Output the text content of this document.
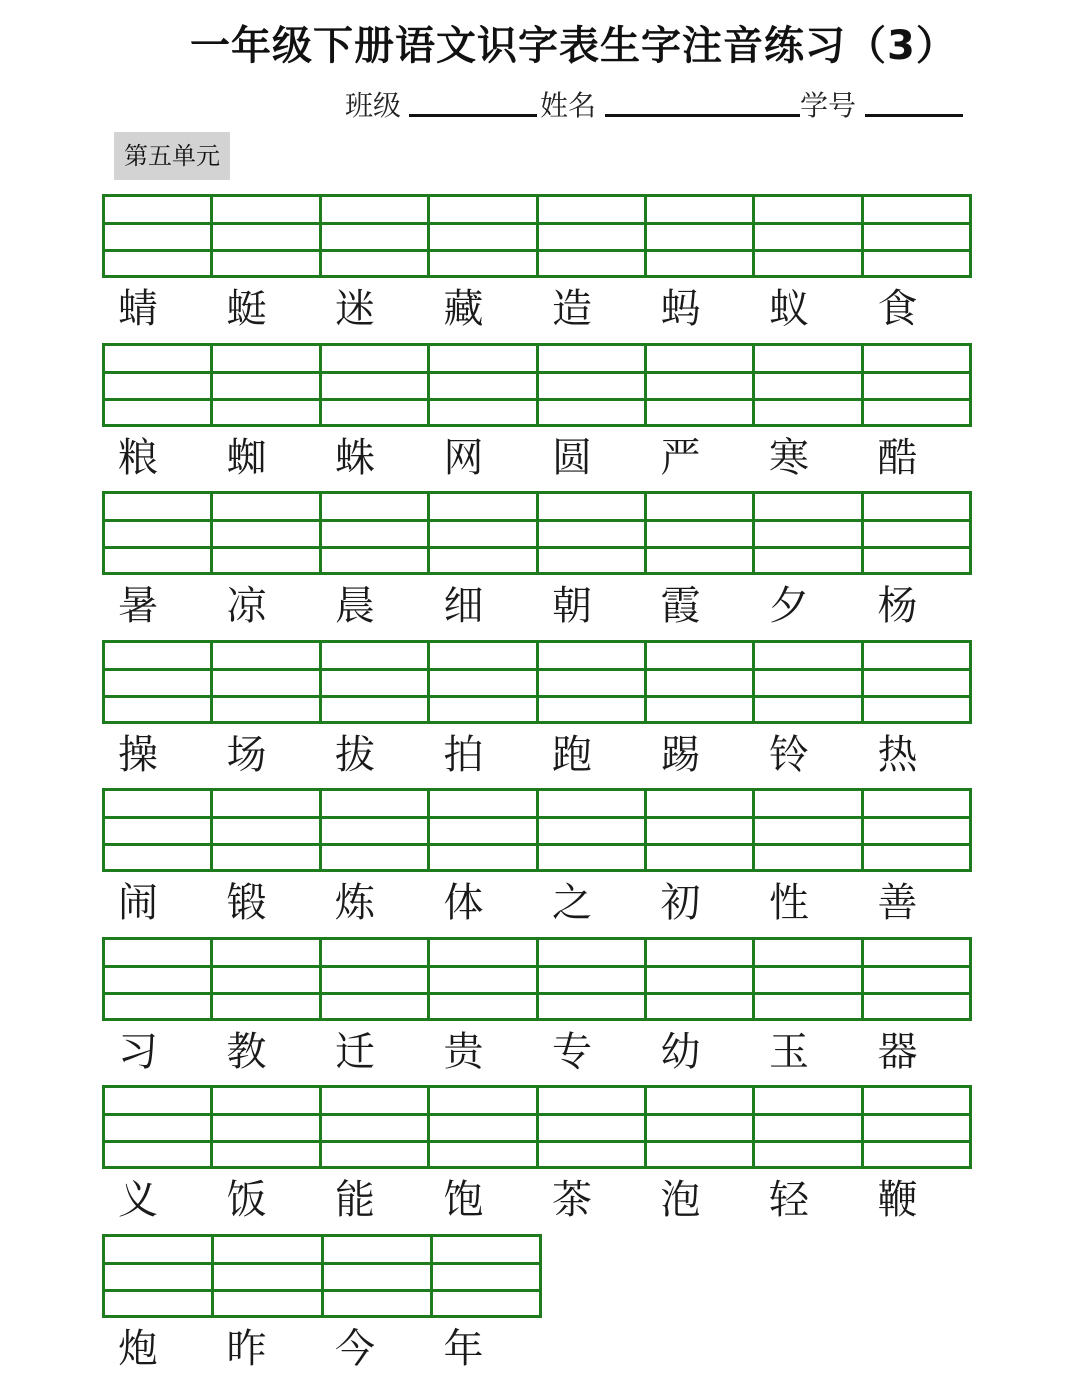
一年级下册语文识字表生字注音练习（3）
班级	姓名	学号
第五单元
蜻	蜓	迷	藏	造	蚂	蚁	食
粮	蜘	蛛	网	圆	严	寒	酷
暑	凉	晨	细	朝	霞	夕	杨
操	场	拔	拍	跑	踢	铃	热
闹	锻	炼	体	之	初	性	善
习	教	迁	贵	专	幼	玉	器
义	饭	能	饱	茶	泡	轻	鞭
炮	昨	今	年
